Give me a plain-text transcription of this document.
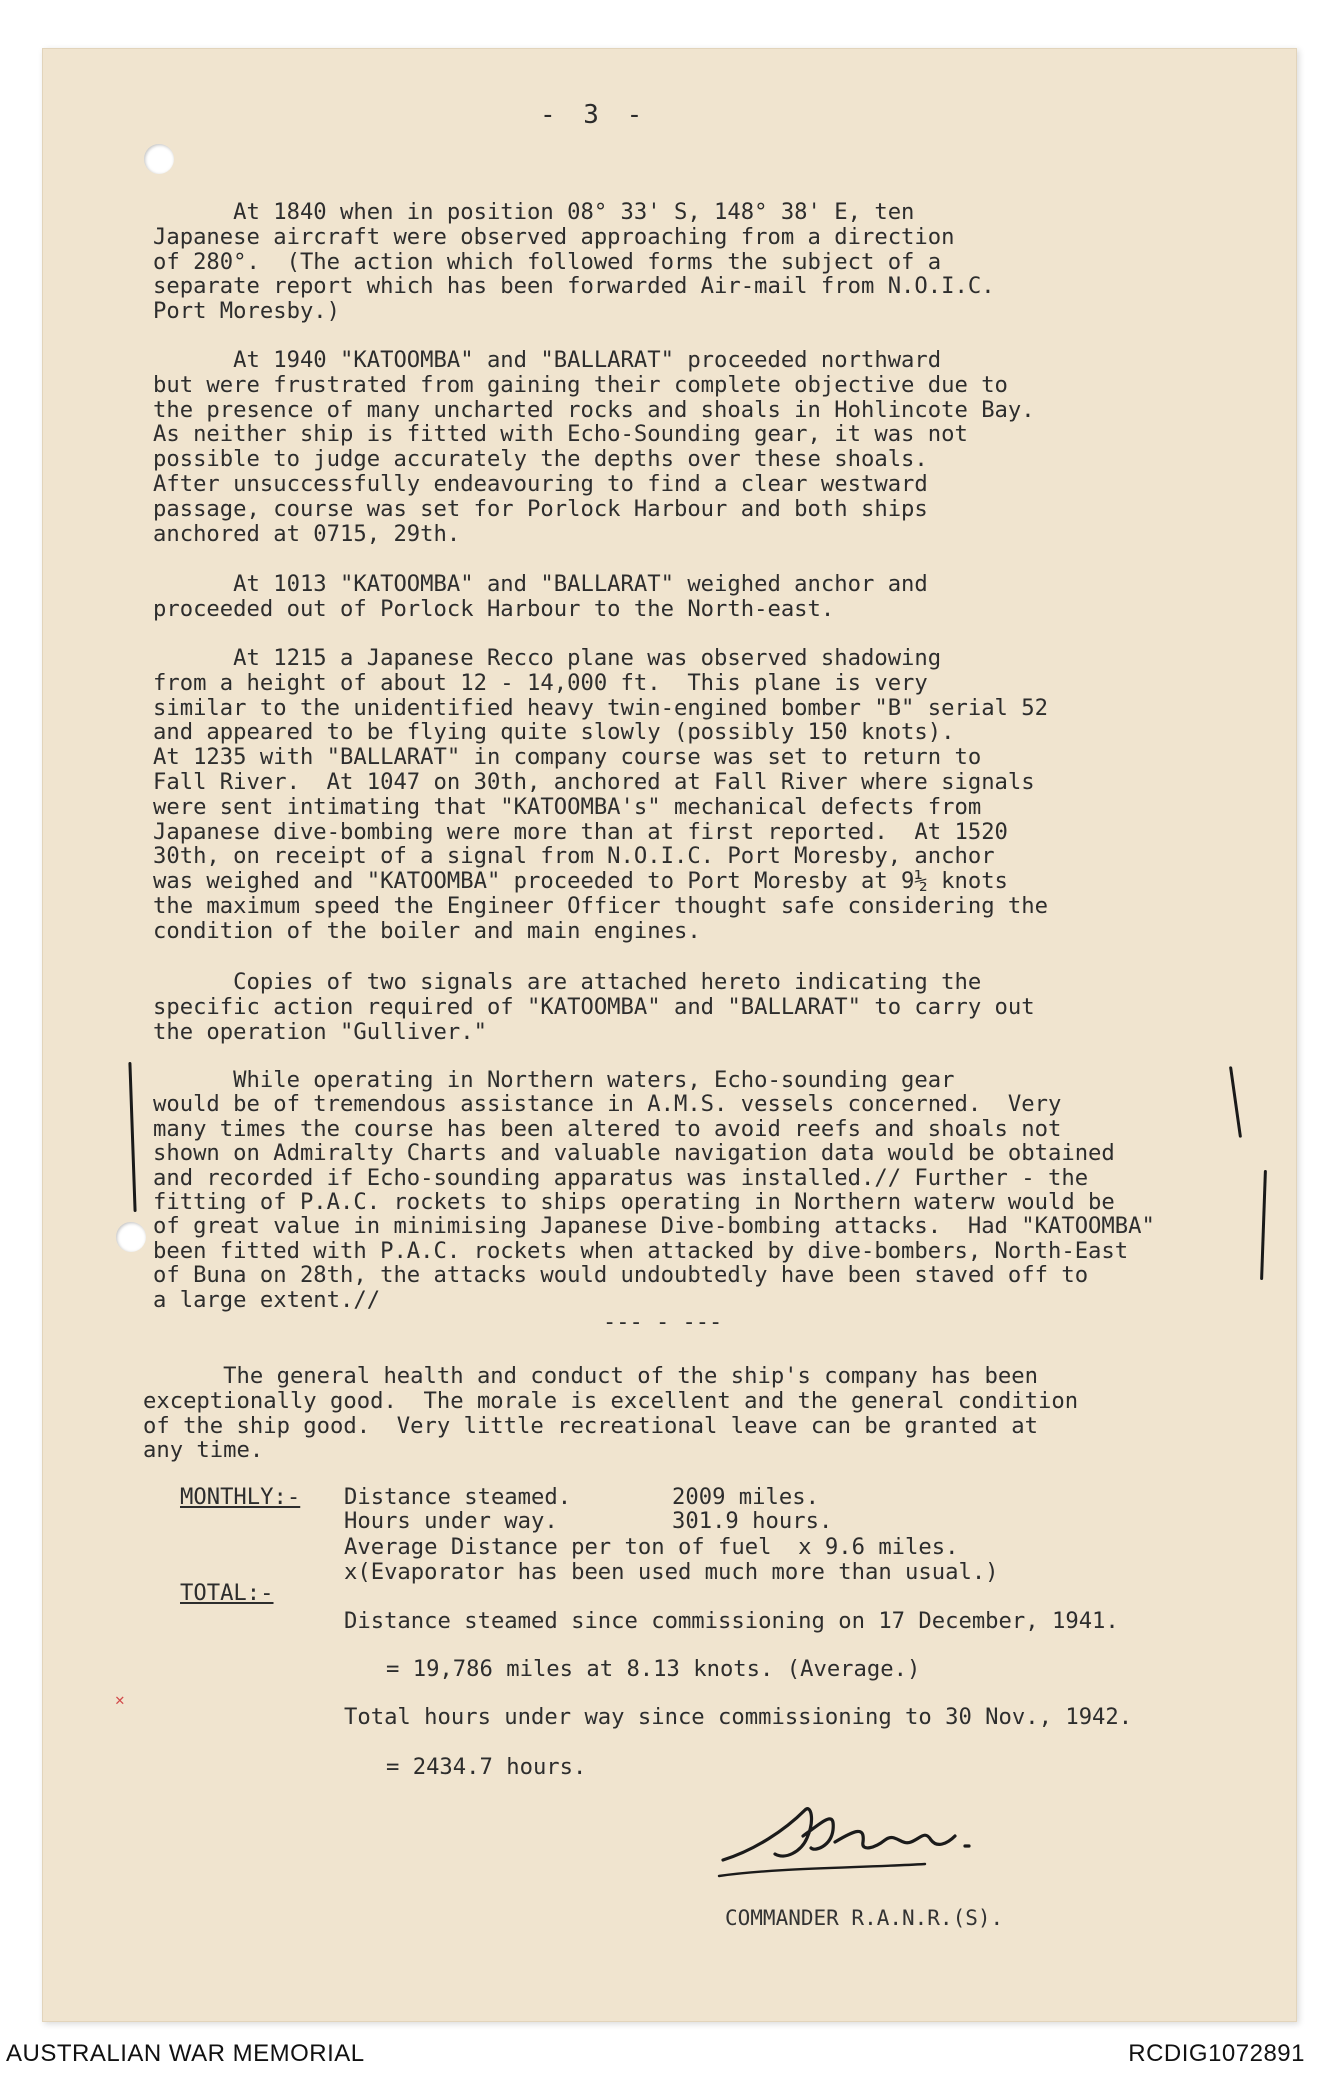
- 3 -
At 1840 when in position 08° 33' S, 148° 38' E, ten
Japanese aircraft were observed approaching from a direction
of 280°.  (The action which followed forms the subject of a
separate report which has been forwarded Air-mail from N.O.I.C.
Port Moresby.)
At 1940 "KATOOMBA" and "BALLARAT" proceeded northward
but were frustrated from gaining their complete objective due to
the presence of many uncharted rocks and shoals in Hohlincote Bay.
As neither ship is fitted with Echo-Sounding gear, it was not
possible to judge accurately the depths over these shoals.
After unsuccessfully endeavouring to find a clear westward
passage, course was set for Porlock Harbour and both ships
anchored at 0715, 29th.
At 1013 "KATOOMBA" and "BALLARAT" weighed anchor and
proceeded out of Porlock Harbour to the North-east.
At 1215 a Japanese Recco plane was observed shadowing
from a height of about 12 - 14,000 ft.  This plane is very
similar to the unidentified heavy twin-engined bomber "B" serial 52
and appeared to be flying quite slowly (possibly 150 knots).
At 1235 with "BALLARAT" in company course was set to return to
Fall River.  At 1047 on 30th, anchored at Fall River where signals
were sent intimating that "KATOOMBA's" mechanical defects from
Japanese dive-bombing were more than at first reported.  At 1520
30th, on receipt of a signal from N.O.I.C. Port Moresby, anchor
was weighed and "KATOOMBA" proceeded to Port Moresby at 9½ knots
the maximum speed the Engineer Officer thought safe considering the
condition of the boiler and main engines.
Copies of two signals are attached hereto indicating the
specific action required of "KATOOMBA" and "BALLARAT" to carry out
the operation "Gulliver."
While operating in Northern waters, Echo-sounding gear
would be of tremendous assistance in A.M.S. vessels concerned.  Very
many times the course has been altered to avoid reefs and shoals not
shown on Admiralty Charts and valuable navigation data would be obtained
and recorded if Echo-sounding apparatus was installed.// Further - the
fitting of P.A.C. rockets to ships operating in Northern waterw would be
of great value in minimising Japanese Dive-bombing attacks.  Had "KATOOMBA"
been fitted with P.A.C. rockets when attacked by dive-bombers, North-East
of Buna on 28th, the attacks would undoubtedly have been staved off to
a large extent.//
--- - ---
The general health and conduct of the ship's company has been
exceptionally good.  The morale is excellent and the general condition
of the ship good.  Very little recreational leave can be granted at
any time.
MONTHLY:- Distance steamed.	2009 miles.
Hours under way.	301.9 hours.
Average Distance per ton of fuel  x 9.6 miles.
x(Evaporator has been used much more than usual.)
TOTAL:-
Distance steamed since commissioning on 17 December, 1941.
= 19,786 miles at 8.13 knots. (Average.)
Total hours under way since commissioning to 30 Nov., 1942.
= 2434.7 hours.
✕
COMMANDER R.A.N.R.(S).
AUSTRALIAN WAR MEMORIAL	RCDIG1072891
